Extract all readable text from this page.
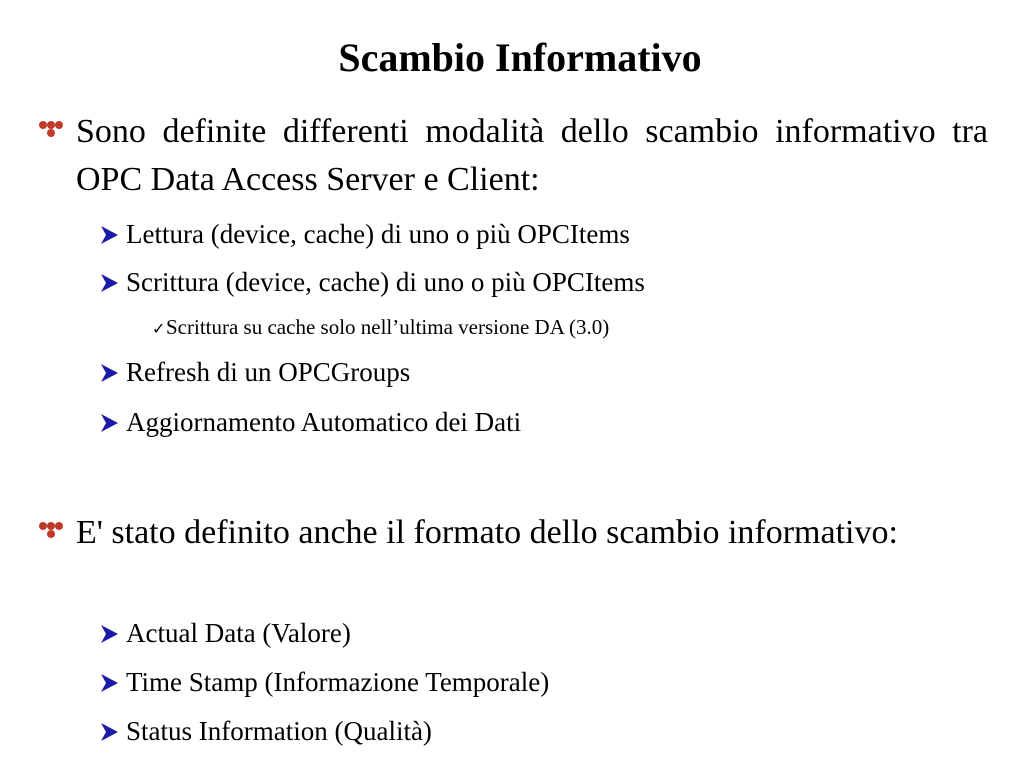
Scambio Informativo
Sono definite differenti modalità dello scambio informativo tra OPC Data Access Server e Client:
Lettura (device, cache) di uno o più OPCItems
Scrittura (device, cache) di uno o più OPCItems
✓Scrittura su cache solo nell’ultima versione DA (3.0)
Refresh di un OPCGroups
Aggiornamento Automatico dei Dati
E' stato definito anche il formato dello scambio informativo:
Actual Data (Valore)
Time Stamp (Informazione Temporale)
Status Information (Qualità)
